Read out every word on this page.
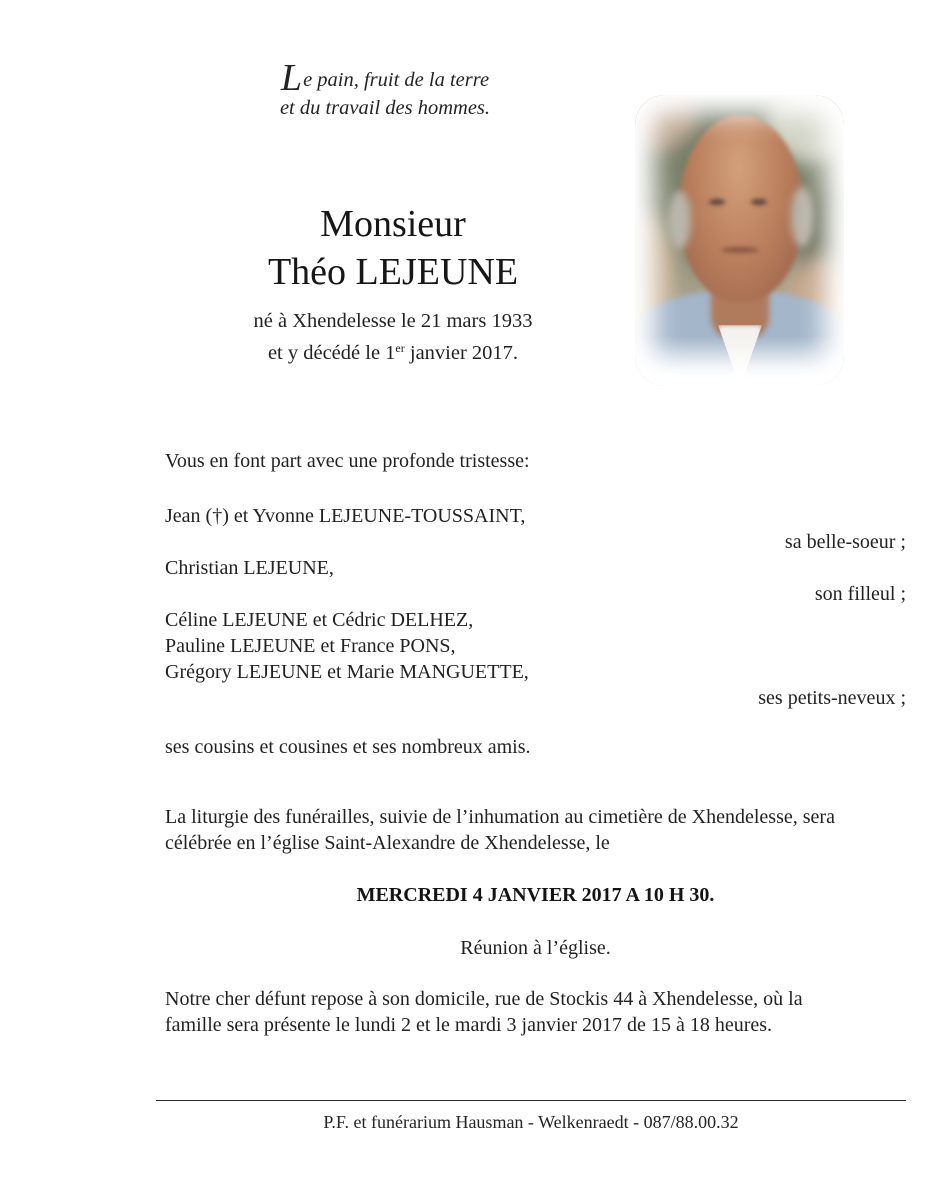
Le pain, fruit de la terre
et du travail des hommes.
Monsieur
Théo LEJEUNE
né à Xhendelesse le 21 mars 1933
et y décédé le 1er janvier 2017.
Vous en font part avec une profonde tristesse:
Jean (†) et Yvonne LEJEUNE-TOUSSAINT,
sa belle-soeur ;
Christian LEJEUNE,
son filleul ;
Céline LEJEUNE et Cédric DELHEZ,
Pauline LEJEUNE et France PONS,
Grégory LEJEUNE et Marie MANGUETTE,
ses petits-neveux ;
ses cousins et cousines et ses nombreux amis.
La liturgie des funérailles, suivie de l’inhumation au cimetière de Xhendelesse, sera
célébrée en l’église Saint-Alexandre de Xhendelesse, le
MERCREDI 4 JANVIER 2017 A 10 H 30.
Réunion à l’église.
Notre cher défunt repose à son domicile, rue de Stockis 44 à Xhendelesse, où la
famille sera présente le lundi 2 et le mardi 3 janvier 2017 de 15 à 18 heures.
P.F. et funérarium Hausman - Welkenraedt - 087/88.00.32
